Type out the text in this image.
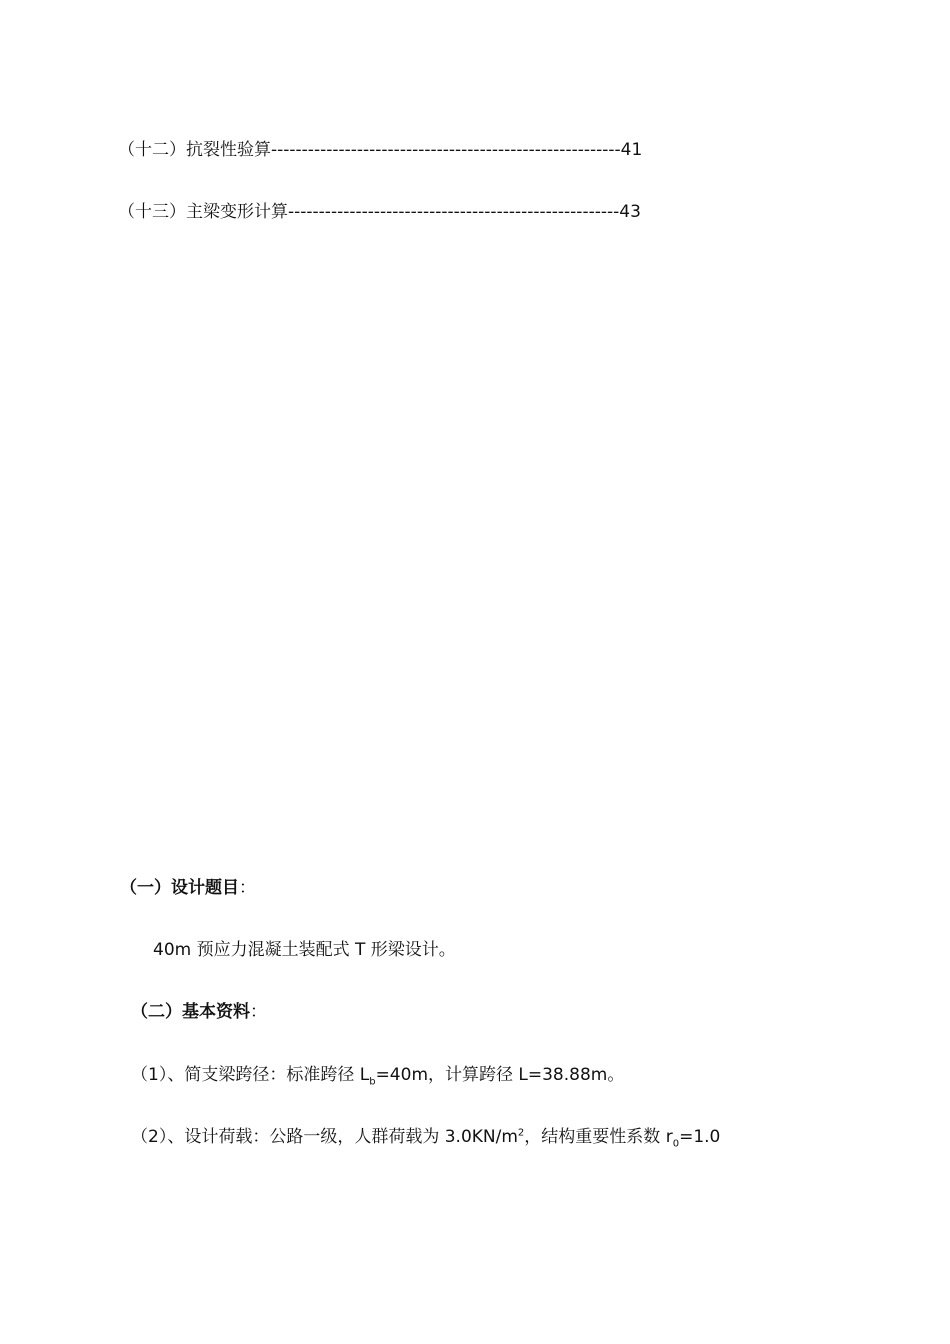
（十二）抗裂性验算---------------------------------------------------------41
（十三）主梁变形计算------------------------------------------------------43
（一）设计题目：
40m 预应力混凝土装配式 T 形梁设计。
（二）基本资料：
（1）、简支梁跨径：标准跨径 $L_b=40m$，计算跨径 L=38.88m。
（2）、设计荷载：公路一级，人群荷载为 $3.0KN/m^2$，结构重要性系数 $r_0=1.0$
